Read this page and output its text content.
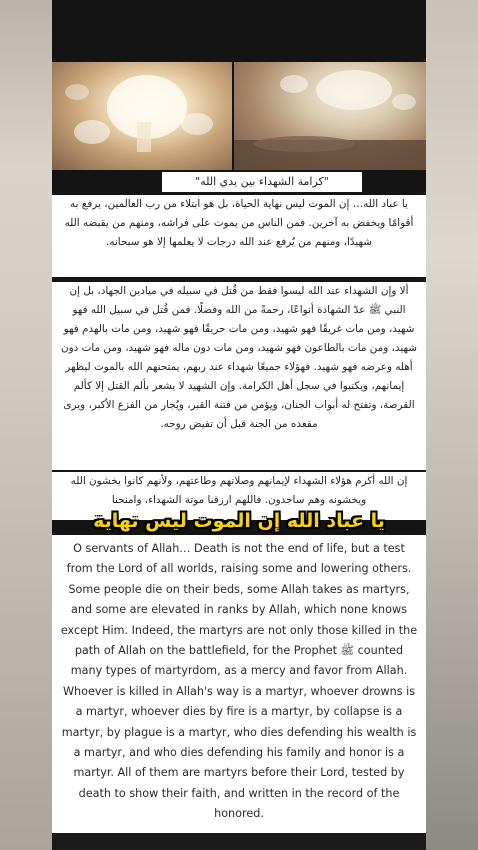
"كرامة الشهداء بين يدي الله"
يا عباد الله… إن الموت ليس نهاية الحياة، بل هو ابتلاء من رب العالمين، يرفع به أقوامًا ويخفض به آخرين. فمن الناس من يموت على فراشه، ومنهم من يقبضه الله شهيدًا، ومنهم من يُرفع عند الله درجات لا يعلمها إلا هو سبحانه.
ألا وإن الشهداء عند الله ليسوا فقط من قُتل في سبيله في ميادين الجهاد، بل إن النبي ﷺ عدّ الشهادة أنواعًا، رحمةً من الله وفضلًا. فمن قُتل في سبيل الله فهو شهيد، ومن مات غريقًا فهو شهيد، ومن مات حريقًا فهو شهيد، ومن مات بالهدم فهو شهيد، ومن مات بالطاعون فهو شهيد، ومن مات دون ماله فهو شهيد، ومن مات دون أهله وعرضه فهو شهيد. فهؤلاء جميعًا شهداء عند ربهم، يمتحنهم الله بالموت ليظهر إيمانهم، ويكتبوا في سجل أهل الكرامة. وإن الشهيد لا يشعر بألم القتل إلا كألم القرصة، وتفتح له أبواب الجنان، ويؤمن من فتنة القبر، ويُجار من الفزع الأكبر، ويرى مقعده من الجنة قبل أن تفيض روحه.
إن الله أكرم هؤلاء الشهداء لإيمانهم وصلاتهم وطاعتهم، ولأنهم كانوا يخشون الله ويخشونه وهم ساجدون. فاللهم ارزقنا موتة الشهداء، وامنحنا
يا عباد الله إن الموت ليس نهاية
O servants of Allah… Death is not the end of life, but a test from the Lord of all worlds, raising some and lowering others. Some people die on their beds, some Allah takes as martyrs, and some are elevated in ranks by Allah, which none knows except Him. Indeed, the martyrs are not only those killed in the path of Allah on the battlefield, for the Prophet ﷺ counted many types of martyrdom, as a mercy and favor from Allah. Whoever is killed in Allah's way is a martyr, whoever drowns is a martyr, whoever dies by fire is a martyr, by collapse is a martyr, by plague is a martyr, who dies defending his wealth is a martyr, and who dies defending his family and honor is a martyr. All of them are martyrs before their Lord, tested by death to show their faith, and written in the record of the honored.
